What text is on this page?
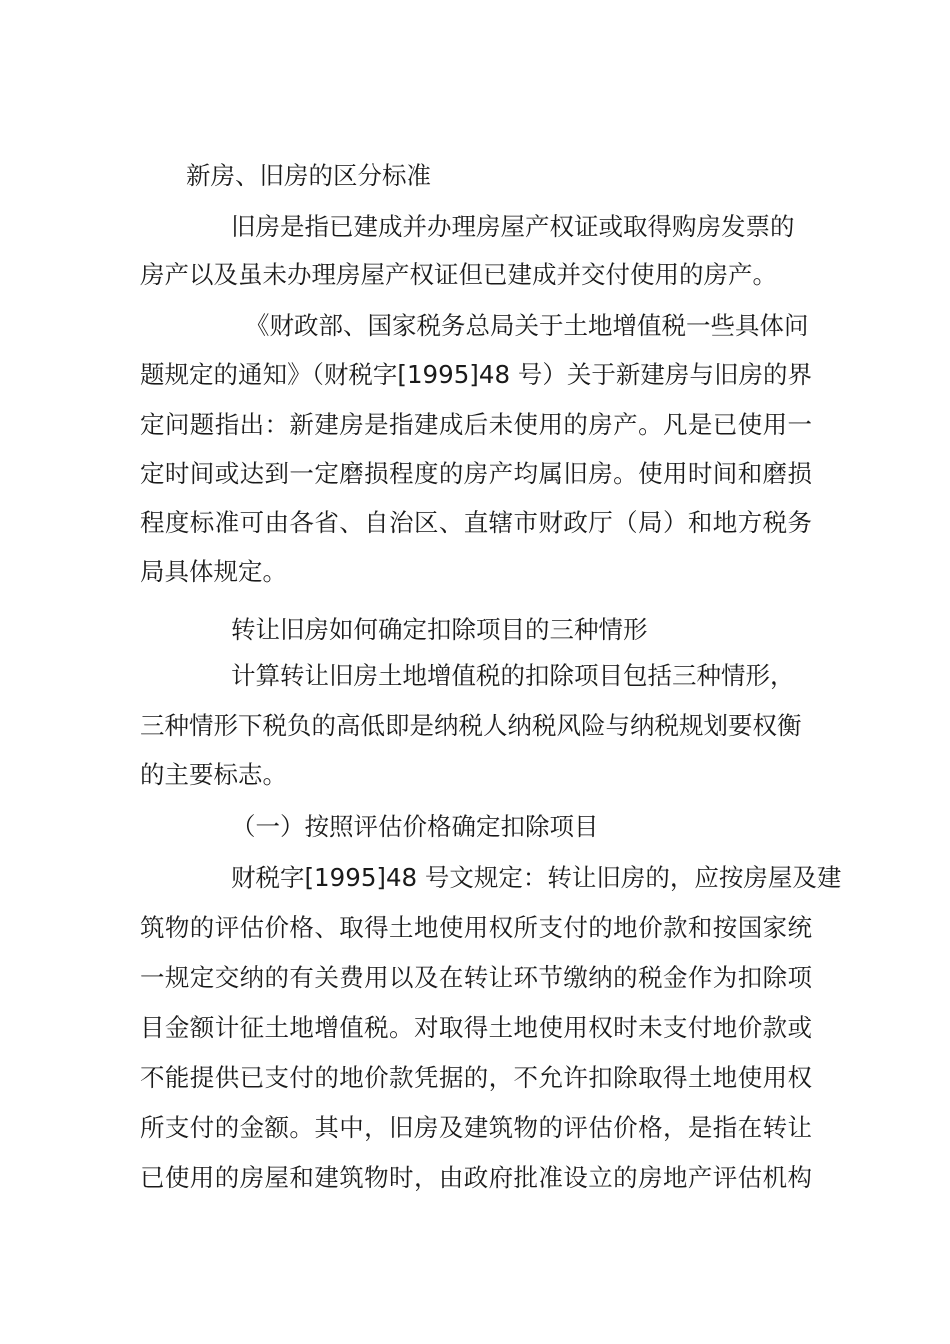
新房、旧房的区分标准
旧房是指已建成并办理房屋产权证或取得购房发票的
房产以及虽未办理房屋产权证但已建成并交付使用的房产。
《财政部、国家税务总局关于土地增值税一些具体问
题规定的通知》（财税字[1995]48 号）关于新建房与旧房的界
定问题指出：新建房是指建成后未使用的房产。凡是已使用一
定时间或达到一定磨损程度的房产均属旧房。使用时间和磨损
程度标准可由各省、自治区、直辖市财政厅（局）和地方税务
局具体规定。
转让旧房如何确定扣除项目的三种情形
计算转让旧房土地增值税的扣除项目包括三种情形，
三种情形下税负的高低即是纳税人纳税风险与纳税规划要权衡
的主要标志。
（一）按照评估价格确定扣除项目
财税字[1995]48 号文规定：转让旧房的，应按房屋及建
筑物的评估价格、取得土地使用权所支付的地价款和按国家统
一规定交纳的有关费用以及在转让环节缴纳的税金作为扣除项
目金额计征土地增值税。对取得土地使用权时未支付地价款或
不能提供已支付的地价款凭据的，不允许扣除取得土地使用权
所支付的金额。其中，旧房及建筑物的评估价格，是指在转让
已使用的房屋和建筑物时，由政府批准设立的房地产评估机构
